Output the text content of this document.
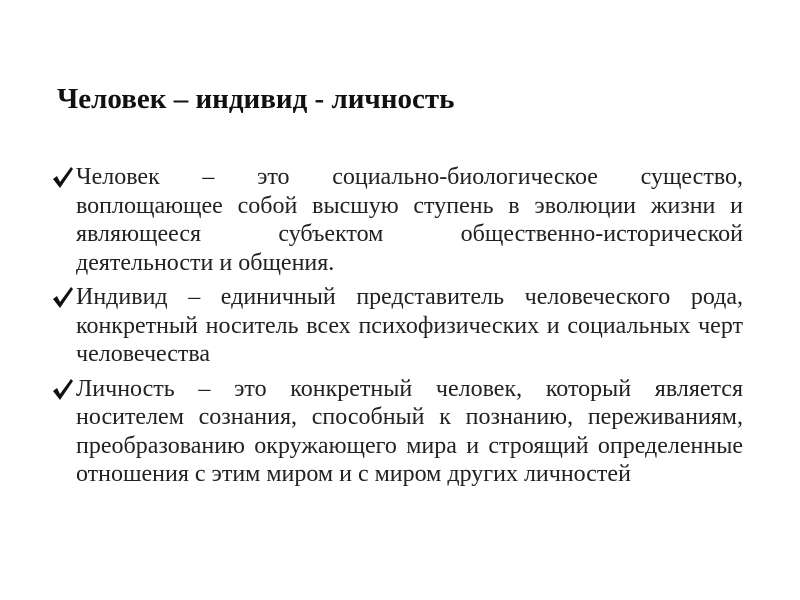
Человек – индивид - личность
Человек – это социально-биологическое существо, воплощающее собой высшую ступень в эволюции жизни и являющееся субъектом общественно-исторической деятельности и общения.
Индивид – единичный представитель человеческого рода, конкретный носитель всех психофизических и социальных черт человечества
Личность – это конкретный человек, который является носителем сознания, способный к познанию, переживаниям, преобразованию окружающего мира и строящий определенные отношения с этим миром и с миром других личностей
